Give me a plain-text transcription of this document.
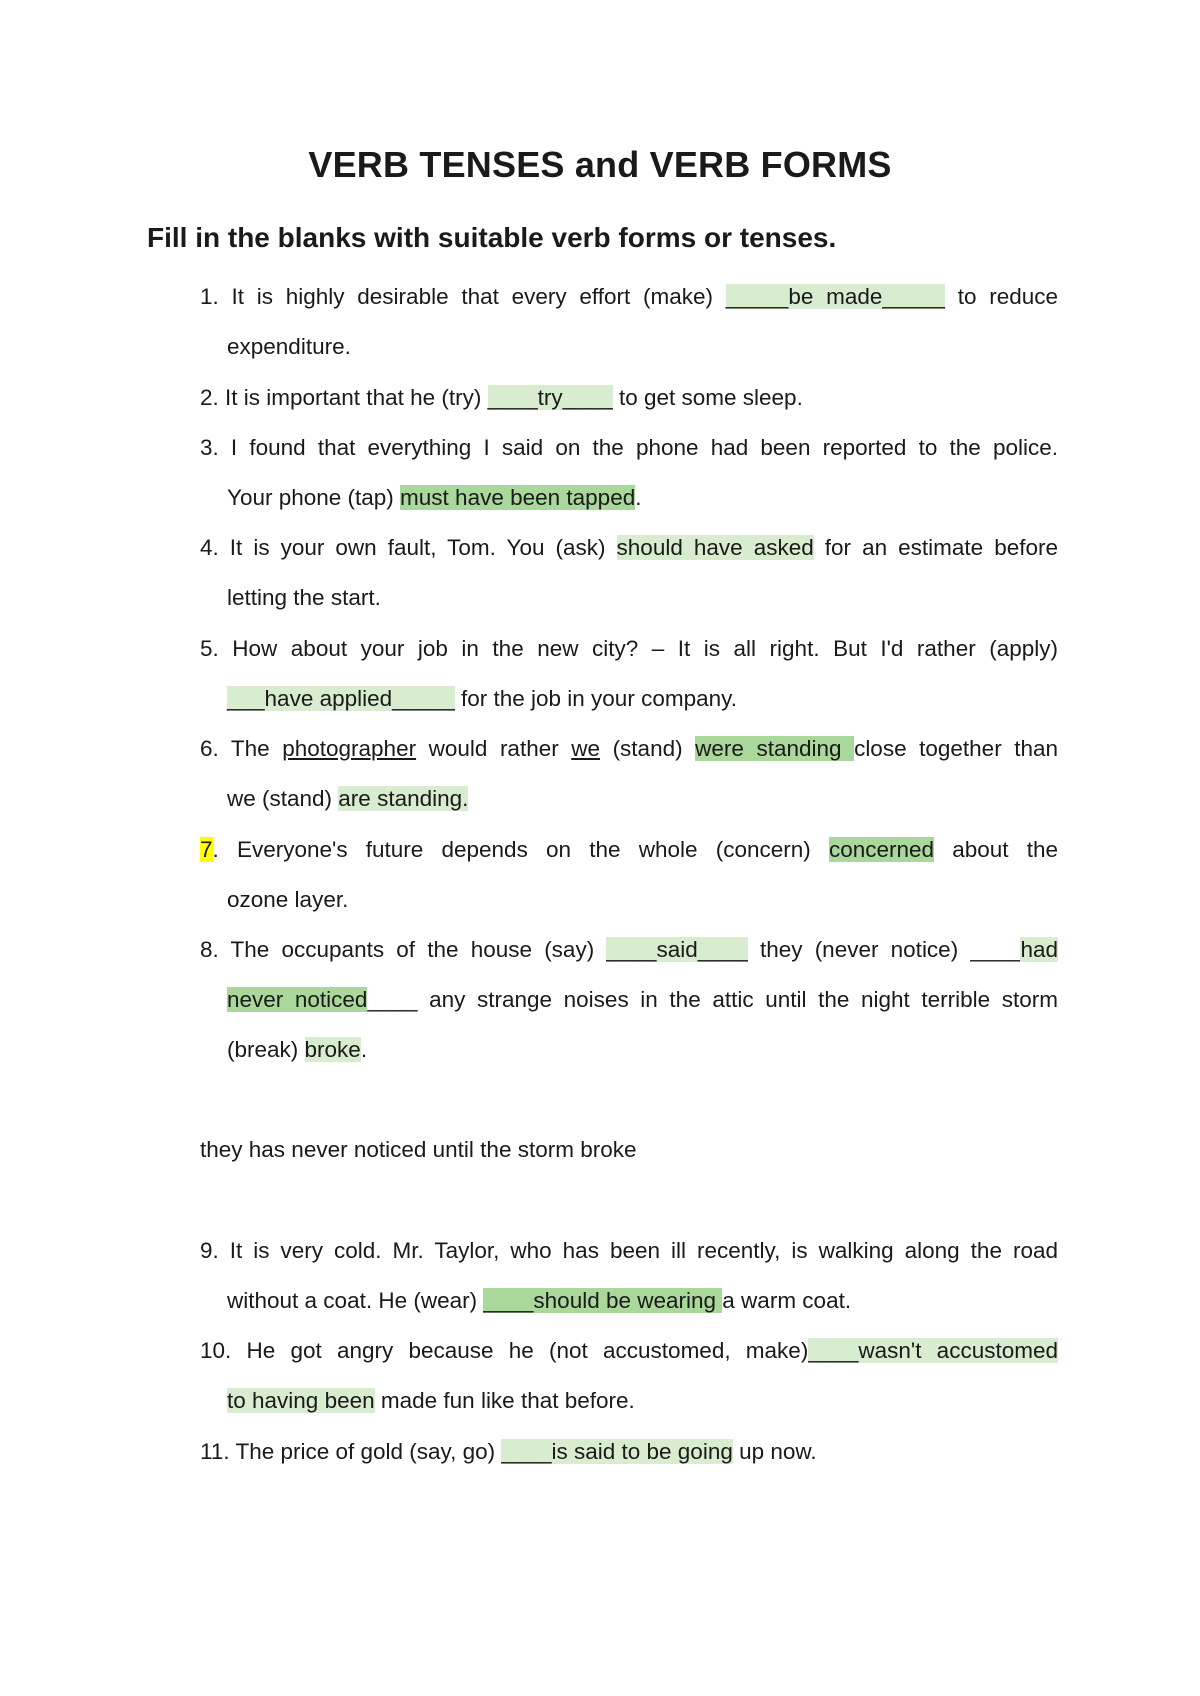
VERB TENSES and VERB FORMS
Fill in the blanks with suitable verb forms or tenses.
1. It is highly desirable that every effort (make) _____be made_____ to reduce
expenditure.
2. It is important that he (try) ____try____ to get some sleep.
3. I found that everything I said on the phone had been reported to the police.
Your phone (tap) must have been tapped.
4. It is your own fault, Tom. You (ask) should have asked for an estimate before
letting the start.
5. How about your job in the new city? – It is all right. But I'd rather (apply)
___have applied_____ for the job in your company.
6. The photographer would rather we (stand) were standing close together than
we (stand) are standing.
7. Everyone's future depends on the whole (concern) concerned about the
ozone layer.
8. The occupants of the house (say) ____said____ they (never notice) ____had
never noticed____ any strange noises in the attic until the night terrible storm
(break) broke.
they has never noticed until the storm broke
9. It is very cold. Mr. Taylor, who has been ill recently, is walking along the road
without a coat. He (wear) ____should be wearing a warm coat.
10. He got angry because he (not accustomed, make)____wasn't accustomed
to having been made fun like that before.
11. The price of gold (say, go) ____is said to be going up now.
